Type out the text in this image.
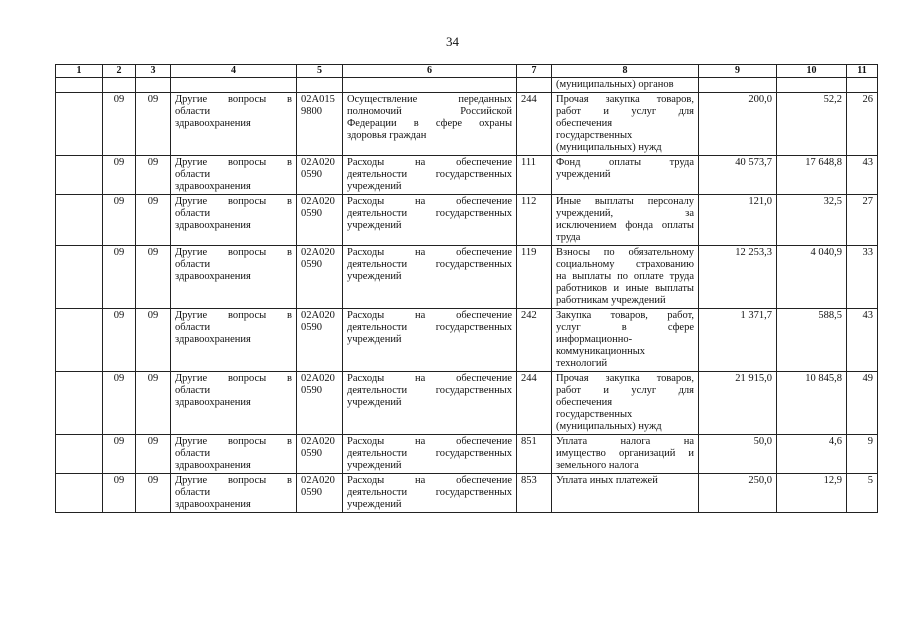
34
1	2	3	4	5	6	7	8	9	10	11
							(муниципальных) органов			
	09	09	Другие вопросы в
области
здравоохранения	02А015
9800	Осуществление переданных
полномочий Российской
Федерации в сфере охраны
здоровья граждан	244	Прочая закупка товаров,
работ и услуг для
обеспечения
государственных
(муниципальных) нужд	200,0	52,2	26
	09	09	Другие вопросы в
области
здравоохранения	02А020
0590	Расходы на обеспечение
деятельности государственных
учреждений	111	Фонд оплаты труда
учреждений	40 573,7	17 648,8	43
	09	09	Другие вопросы в
области
здравоохранения	02А020
0590	Расходы на обеспечение
деятельности государственных
учреждений	112	Иные выплаты персоналу
учреждений, за
исключением фонда оплаты
труда	121,0	32,5	27
	09	09	Другие вопросы в
области
здравоохранения	02А020
0590	Расходы на обеспечение
деятельности государственных
учреждений	119	Взносы по обязательному
социальному страхованию
на выплаты по оплате труда
работников и иные выплаты
работникам учреждений	12 253,3	4 040,9	33
	09	09	Другие вопросы в
области
здравоохранения	02А020
0590	Расходы на обеспечение
деятельности государственных
учреждений	242	Закупка товаров, работ,
услуг в сфере
информационно-
коммуникационных
технологий	1 371,7	588,5	43
	09	09	Другие вопросы в
области
здравоохранения	02А020
0590	Расходы на обеспечение
деятельности государственных
учреждений	244	Прочая закупка товаров,
работ и услуг для
обеспечения
государственных
(муниципальных) нужд	21 915,0	10 845,8	49
	09	09	Другие вопросы в
области
здравоохранения	02А020
0590	Расходы на обеспечение
деятельности государственных
учреждений	851	Уплата налога на
имущество организаций и
земельного налога	50,0	4,6	9
	09	09	Другие вопросы в
области
здравоохранения	02А020
0590	Расходы на обеспечение
деятельности государственных
учреждений	853	Уплата иных платежей	250,0	12,9	5
